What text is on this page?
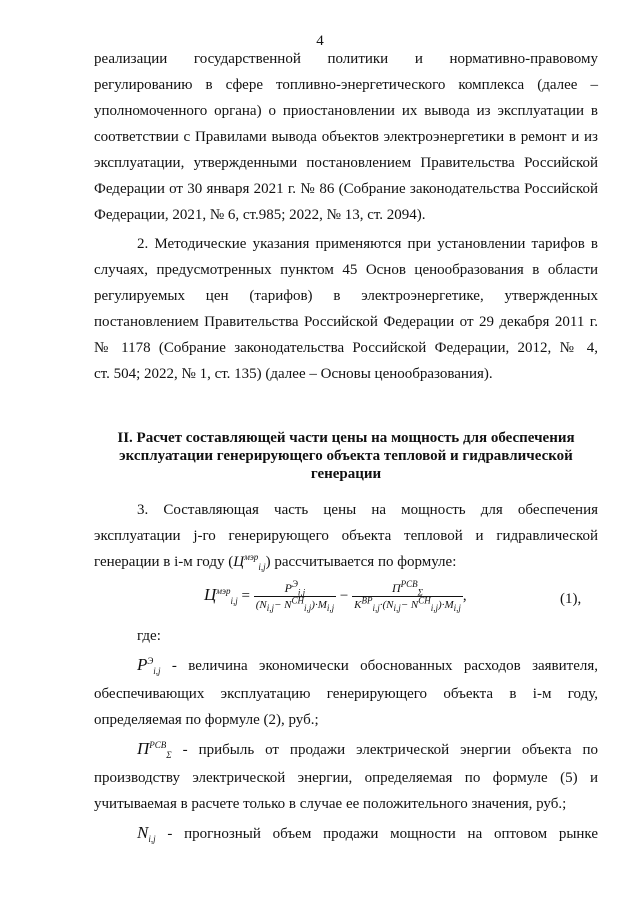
4
реализации государственной политики и нормативно-правовому
регулированию в сфере топливно-энергетического комплекса (далее –
уполномоченного органа) о приостановлении их вывода из эксплуатации в
соответствии с Правилами вывода объектов электроэнергетики в ремонт и из
эксплуатации, утвержденными постановлением Правительства Российской
Федерации от 30 января 2021 г. № 86 (Собрание законодательства Российской
Федерации, 2021, № 6, ст.985; 2022, № 13, ст. 2094).
2. Методические указания применяются при установлении тарифов в
случаях, предусмотренных пунктом 45 Основ ценообразования в области
регулируемых цен (тарифов) в электроэнергетике, утвержденных
постановлением Правительства Российской Федерации от 29 декабря 2011 г.
№ 1178 (Собрание законодательства Российской Федерации, 2012, № 4,
ст. 504; 2022, № 1, ст. 135) (далее – Основы ценообразования).
II. Расчет составляющей части цены на мощность для обеспечения
эксплуатации генерирующего объекта тепловой и гидравлической
генерации
3. Составляющая часть цены на мощность для обеспечения
эксплуатации j-го генерирующего объекта тепловой и гидравлической
генерации в i-м году $(Ц^{мэр}_{i,j})$ рассчитывается по формуле:
$Ц^{мэр}_{i,j} = \frac{P^Э_{i,j}}{(N_{i,j}- N^{CH}_{i,j})\cdot M_{i,j}} - \frac{П^{РСВ}_\Sigma}{K^{ВР}_{i,j}\cdot(N_{i,j}- N^{CH}_{i,j})\cdot M_{i,j}}$ ,	(1),
где:
$P^Э_{i,j}$ - величина экономически обоснованных расходов заявителя,
обеспечивающих эксплуатацию генерирующего объекта в i-м году,
определяемая по формуле (2), руб.;
$П^{РСВ}_\Sigma$ - прибыль от продажи электрической энергии объекта по
производству электрической энергии, определяемая по формуле (5) и
учитываемая в расчете только в случае ее положительного значения, руб.;
$N_{i,j}$ - прогнозный объем продажи мощности на оптовом рынке
